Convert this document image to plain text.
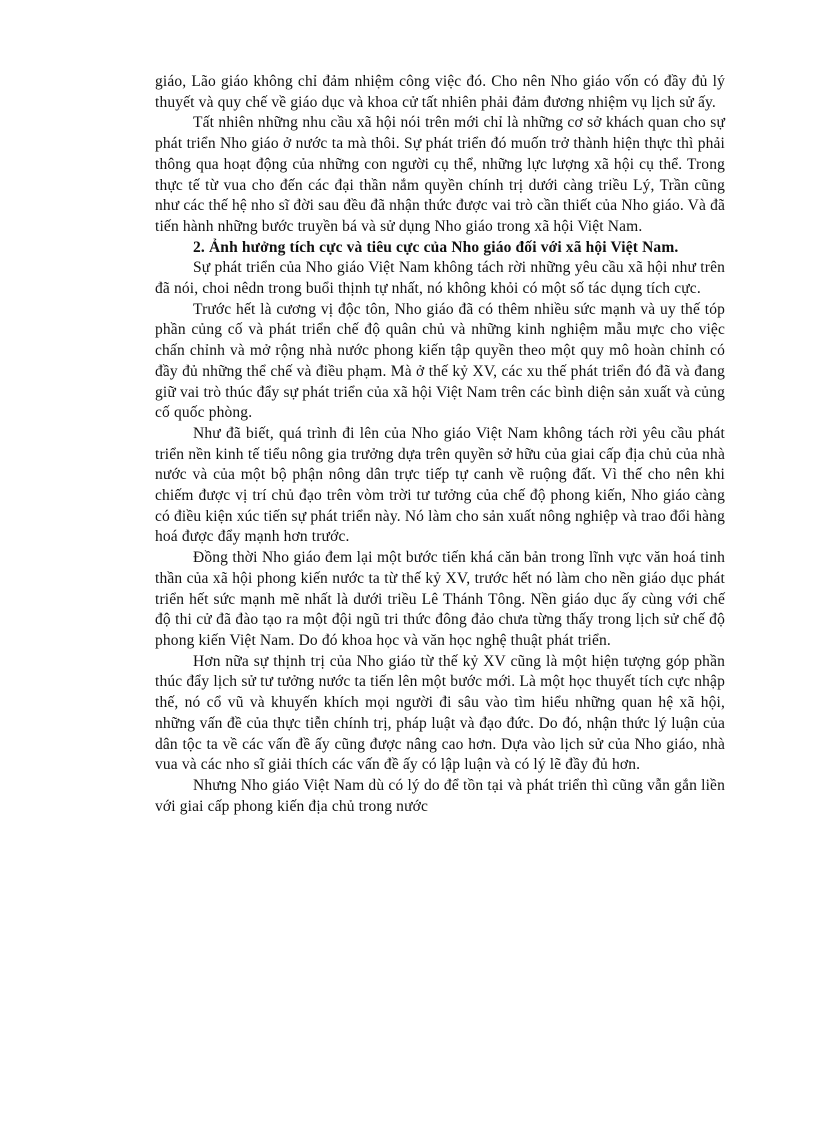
giáo, Lão giáo không chỉ đảm nhiệm công việc đó. Cho nên Nho giáo vốn có đầy đủ lý thuyết và quy chế về giáo dục và khoa cử tất nhiên phải đảm đương nhiệm vụ lịch sử ấy.

Tất nhiên những nhu cầu xã hội nói trên mới chỉ là những cơ sở khách quan cho sự phát triển Nho giáo ở nước ta mà thôi. Sự phát triển đó muốn trở thành hiện thực thì phải thông qua hoạt động của những con người cụ thể, những lực lượng xã hội cụ thể. Trong thực tế từ vua cho đến các đại thần nắm quyền chính trị dưới càng triều Lý, Trần cũng như các thế hệ nho sĩ đời sau đều đã nhận thức được vai trò cần thiết của Nho giáo. Và đã tiến hành những bước truyền bá và sử dụng Nho giáo trong xã hội Việt Nam.

2. Ảnh hưởng tích cực và tiêu cực của Nho giáo đối với xã hội Việt Nam.

Sự phát triển của Nho giáo Việt Nam không tách rời những yêu cầu xã hội như trên đã nói, choi nêdn trong buổi thịnh tự nhất, nó không khỏi có một số tác dụng tích cực.

Trước hết là cương vị độc tôn, Nho giáo đã có thêm nhiều sức mạnh và uy thế tóp phần củng cố và phát triển chế độ quân chủ và những kinh nghiệm mẫu mực cho việc chấn chỉnh và mở rộng nhà nước phong kiến tập quyền theo một quy mô hoàn chỉnh có đầy đủ những thể chế và điều phạm. Mà ở thế kỷ XV, các xu thế phát triển đó đã và đang giữ vai trò thúc đẩy sự phát triển của xã hội Việt Nam trên các bình diện sản xuất và củng cố quốc phòng.

Như đã biết, quá trình đi lên của Nho giáo Việt Nam không tách rời yêu cầu phát triển nền kinh tế tiểu nông gia trưởng dựa trên quyền sở hữu của giai cấp địa chủ của nhà nước và của một bộ phận nông dân trực tiếp tự canh về ruộng đất. Vì thế cho nên khi chiếm được vị trí chủ đạo trên vòm trời tư tưởng của chế độ phong kiến, Nho giáo càng có điều kiện xúc tiến sự phát triển này. Nó làm cho sản xuất nông nghiệp và trao đổi hàng hoá được đẩy mạnh hơn trước.

Đồng thời Nho giáo đem lại một bước tiến khá căn bản trong lĩnh vực văn hoá tinh thần của xã hội phong kiến nước ta từ thế kỷ XV, trước hết nó làm cho nền giáo dục phát triển hết sức mạnh mẽ nhất là dưới triều Lê Thánh Tông. Nền giáo dục ấy cùng với chế độ thi cử đã đào tạo ra một đội ngũ tri thức đông đảo chưa từng thấy trong lịch sử chế độ phong kiến Việt Nam. Do đó khoa học và văn học nghệ thuật phát triển.

Hơn nữa sự thịnh trị của Nho giáo từ thế kỷ XV cũng là một hiện tượng góp phần thúc đẩy lịch sử tư tưởng nước ta tiến lên một bước mới. Là một học thuyết tích cực nhập thế, nó cổ vũ và khuyến khích mọi người đi sâu vào tìm hiểu những quan hệ xã hội, những vấn đề của thực tiễn chính trị, pháp luật và đạo đức. Do đó, nhận thức lý luận của dân tộc ta về các vấn đề ấy cũng được nâng cao hơn. Dựa vào lịch sử của Nho giáo, nhà vua và các nho sĩ giải thích các vấn đề ấy có lập luận và có lý lẽ đầy đủ hơn.

Nhưng Nho giáo Việt Nam dù có lý do để tồn tại và phát triển thì cũng vẫn gắn liền với giai cấp phong kiến địa chủ trong nước
